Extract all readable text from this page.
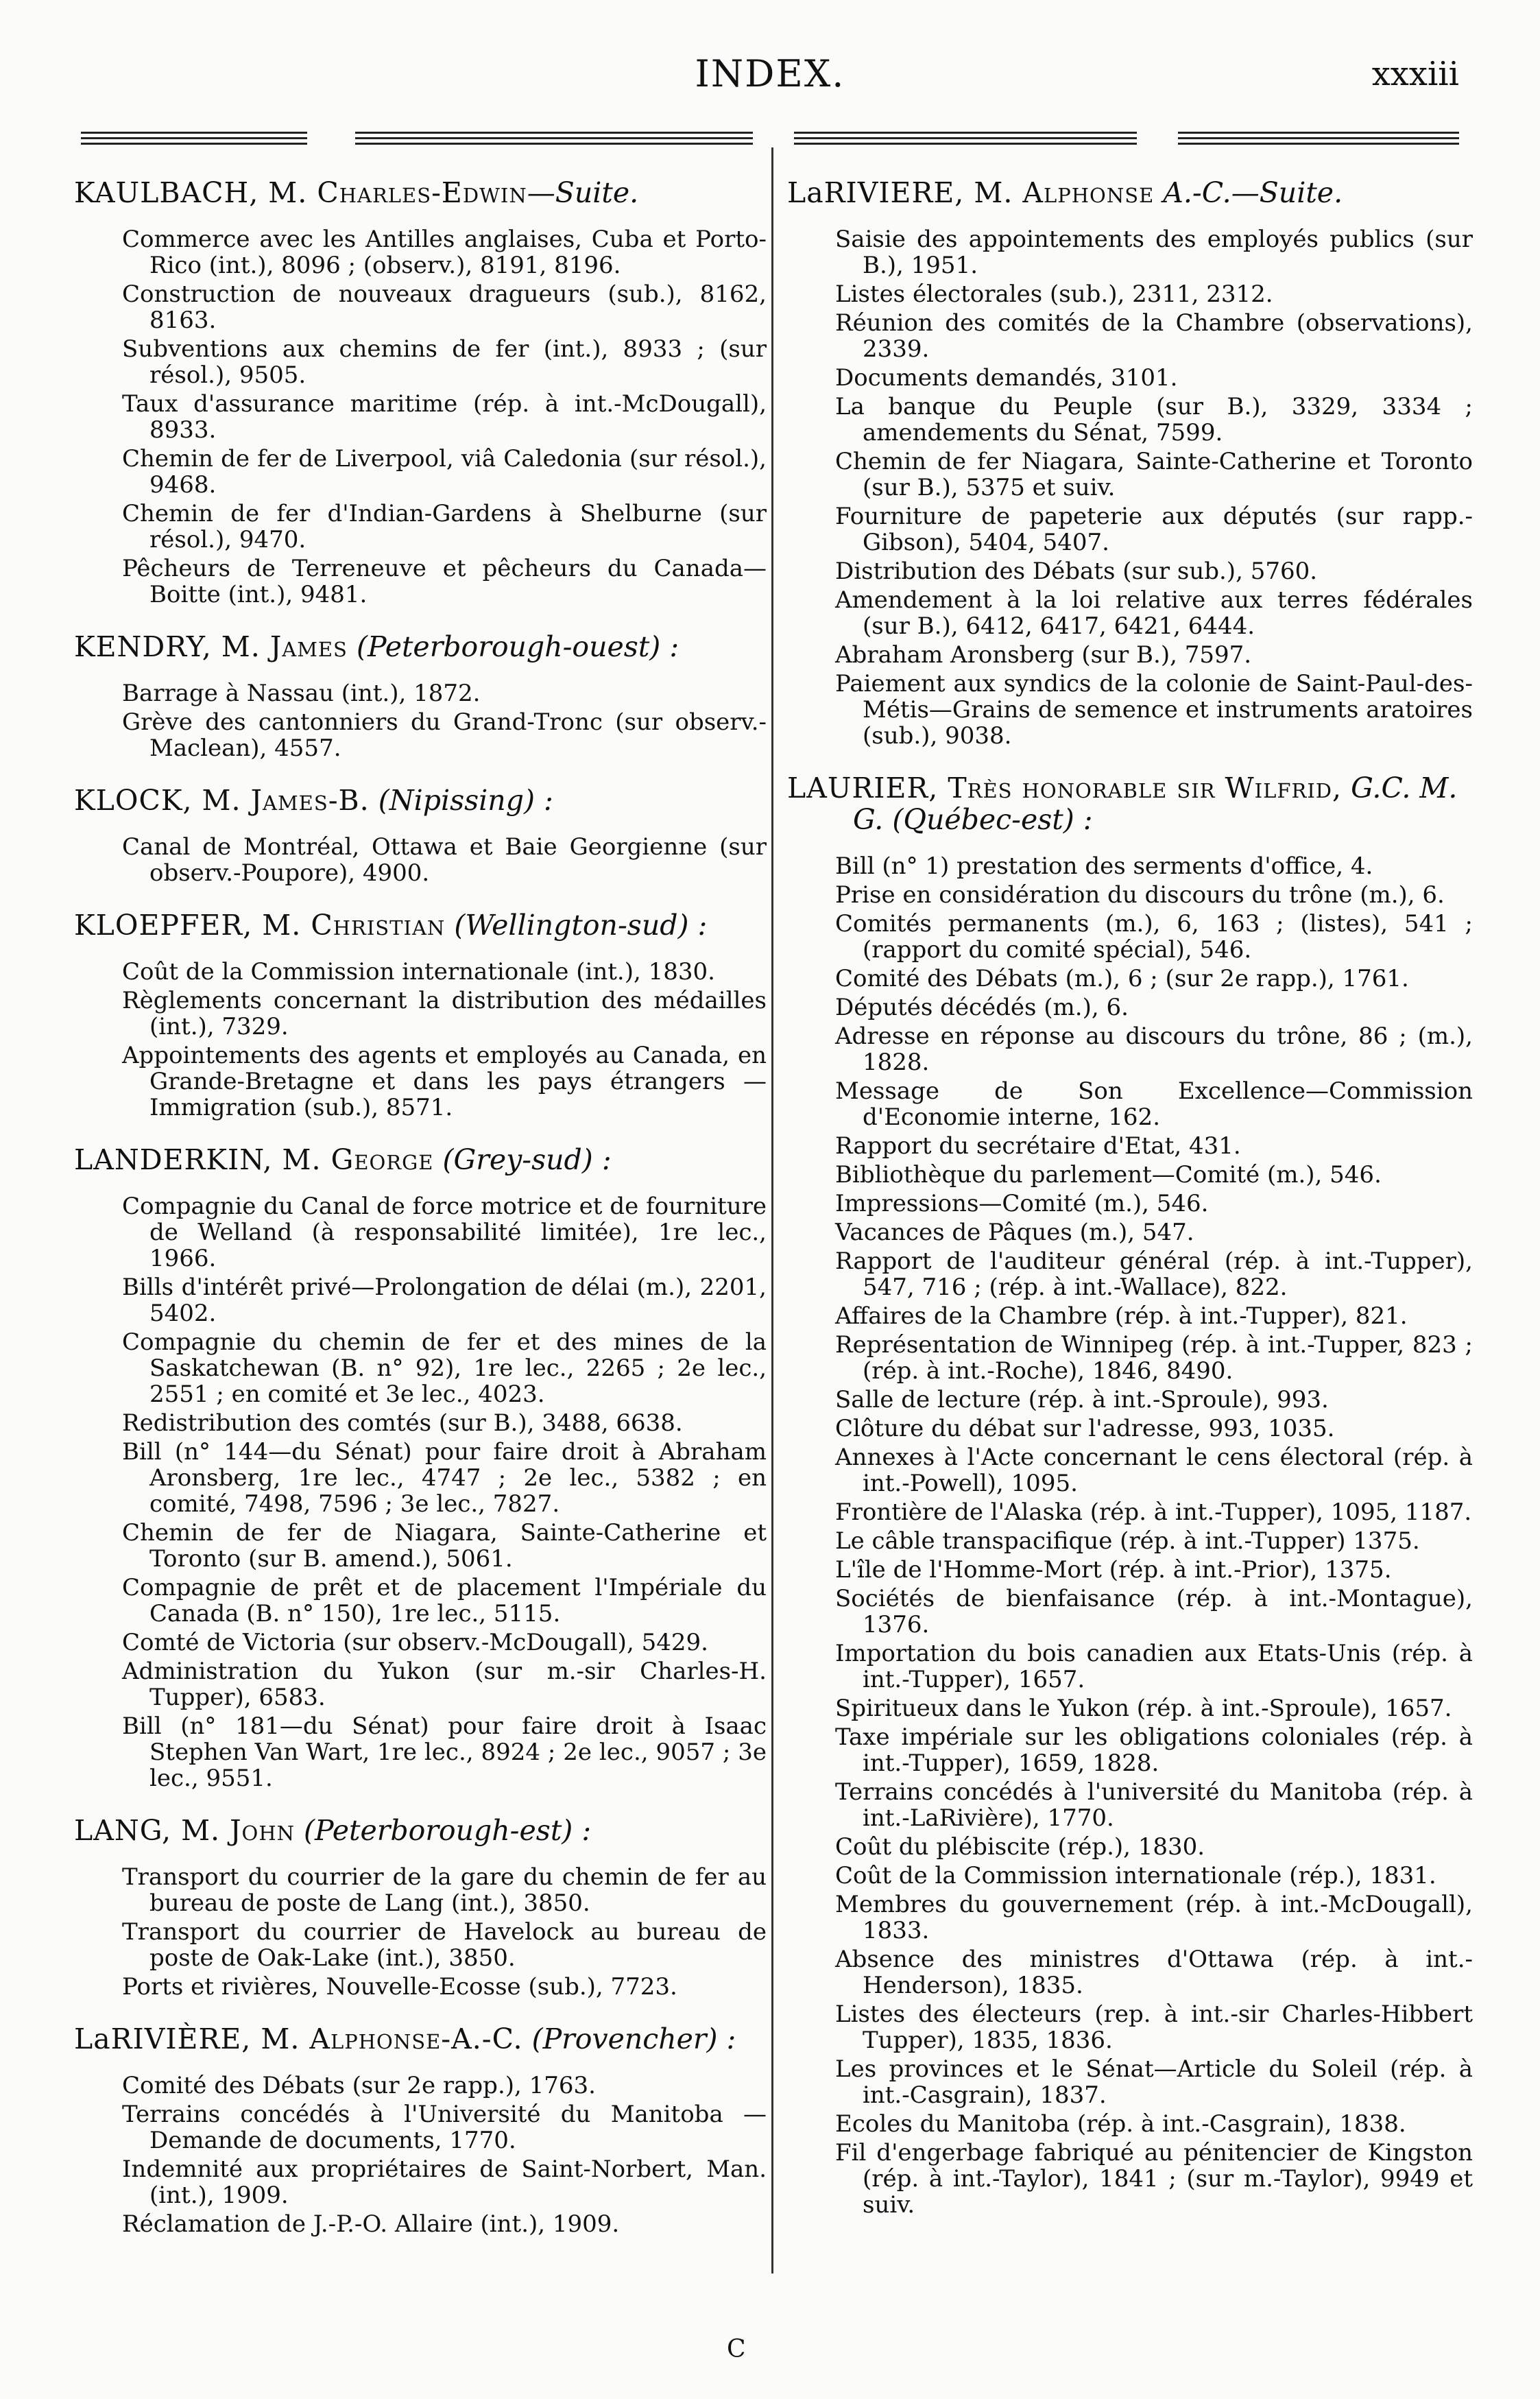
INDEX.	xxxiii
KAULBACH, M. Charles-Edwin—Suite.
Commerce avec les Antilles anglaises, Cuba et Porto-Rico (int.), 8096 ; (observ.), 8191, 8196.
Construction de nouveaux dragueurs (sub.), 8162, 8163.
Subventions aux chemins de fer (int.), 8933 ; (sur résol.), 9505.
Taux d'assurance maritime (rép. à int.-McDougall), 8933.
Chemin de fer de Liverpool, viâ Caledonia (sur résol.), 9468.
Chemin de fer d'Indian-Gardens à Shelburne (sur résol.), 9470.
Pêcheurs de Terreneuve et pêcheurs du Canada—Boitte (int.), 9481.
KENDRY, M. James (Peterborough-ouest) :
Barrage à Nassau (int.), 1872.
Grève des cantonniers du Grand-Tronc (sur observ.-Maclean), 4557.
KLOCK, M. James-B. (Nipissing) :
Canal de Montréal, Ottawa et Baie Georgienne (sur observ.-Poupore), 4900.
KLOEPFER, M. Christian (Wellington-sud) :
Coût de la Commission internationale (int.), 1830.
Règlements concernant la distribution des médailles (int.), 7329.
Appointements des agents et employés au Canada, en Grande-Bretagne et dans les pays étrangers —Immigration (sub.), 8571.
LANDERKIN, M. George (Grey-sud) :
Compagnie du Canal de force motrice et de fourniture de Welland (à responsabilité limitée), 1re lec., 1966.
Bills d'intérêt privé—Prolongation de délai (m.), 2201, 5402.
Compagnie du chemin de fer et des mines de la Saskatchewan (B. n° 92), 1re lec., 2265 ; 2e lec., 2551 ; en comité et 3e lec., 4023.
Redistribution des comtés (sur B.), 3488, 6638.
Bill (n° 144—du Sénat) pour faire droit à Abraham Aronsberg, 1re lec., 4747 ; 2e lec., 5382 ; en comité, 7498, 7596 ; 3e lec., 7827.
Chemin de fer de Niagara, Sainte-Catherine et Toronto (sur B. amend.), 5061.
Compagnie de prêt et de placement l'Impériale du Canada (B. n° 150), 1re lec., 5115.
Comté de Victoria (sur observ.-McDougall), 5429.
Administration du Yukon (sur m.-sir Charles-H. Tupper), 6583.
Bill (n° 181—du Sénat) pour faire droit à Isaac Stephen Van Wart, 1re lec., 8924 ; 2e lec., 9057 ; 3e lec., 9551.
LANG, M. John (Peterborough-est) :
Transport du courrier de la gare du chemin de fer au bureau de poste de Lang (int.), 3850.
Transport du courrier de Havelock au bureau de poste de Oak-Lake (int.), 3850.
Ports et rivières, Nouvelle-Ecosse (sub.), 7723.
LaRIVIÈRE, M. Alphonse-A.-C. (Provencher) :
Comité des Débats (sur 2e rapp.), 1763.
Terrains concédés à l'Université du Manitoba —Demande de documents, 1770.
Indemnité aux propriétaires de Saint-Norbert, Man. (int.), 1909.
Réclamation de J.-P.-O. Allaire (int.), 1909.
LaRIVIERE, M. Alphonse A.-C.—Suite.
Saisie des appointements des employés publics (sur B.), 1951.
Listes électorales (sub.), 2311, 2312.
Réunion des comités de la Chambre (observations), 2339.
Documents demandés, 3101.
La banque du Peuple (sur B.), 3329, 3334 ; amendements du Sénat, 7599.
Chemin de fer Niagara, Sainte-Catherine et Toronto (sur B.), 5375 et suiv.
Fourniture de papeterie aux députés (sur rapp.-Gibson), 5404, 5407.
Distribution des Débats (sur sub.), 5760.
Amendement à la loi relative aux terres fédérales (sur B.), 6412, 6417, 6421, 6444.
Abraham Aronsberg (sur B.), 7597.
Paiement aux syndics de la colonie de Saint-Paul-des-Métis—Grains de semence et instruments aratoires (sub.), 9038.
LAURIER, Très honorable sir Wilfrid, G.C. M. G. (Québec-est) :
Bill (n° 1) prestation des serments d'office, 4.
Prise en considération du discours du trône (m.), 6.
Comités permanents (m.), 6, 163 ; (listes), 541 ; (rapport du comité spécial), 546.
Comité des Débats (m.), 6 ; (sur 2e rapp.), 1761.
Députés décédés (m.), 6.
Adresse en réponse au discours du trône, 86 ; (m.), 1828.
Message de Son Excellence—Commission d'Economie interne, 162.
Rapport du secrétaire d'Etat, 431.
Bibliothèque du parlement—Comité (m.), 546.
Impressions—Comité (m.), 546.
Vacances de Pâques (m.), 547.
Rapport de l'auditeur général (rép. à int.-Tupper), 547, 716 ; (rép. à int.-Wallace), 822.
Affaires de la Chambre (rép. à int.-Tupper), 821.
Représentation de Winnipeg (rép. à int.-Tupper, 823 ; (rép. à int.-Roche), 1846, 8490.
Salle de lecture (rép. à int.-Sproule), 993.
Clôture du débat sur l'adresse, 993, 1035.
Annexes à l'Acte concernant le cens électoral (rép. à int.-Powell), 1095.
Frontière de l'Alaska (rép. à int.-Tupper), 1095, 1187.
Le câble transpacifique (rép. à int.-Tupper) 1375.
L'île de l'Homme-Mort (rép. à int.-Prior), 1375.
Sociétés de bienfaisance (rép. à int.-Montague), 1376.
Importation du bois canadien aux Etats-Unis (rép. à int.-Tupper), 1657.
Spiritueux dans le Yukon (rép. à int.-Sproule), 1657.
Taxe impériale sur les obligations coloniales (rép. à int.-Tupper), 1659, 1828.
Terrains concédés à l'université du Manitoba (rép. à int.-LaRivière), 1770.
Coût du plébiscite (rép.), 1830.
Coût de la Commission internationale (rép.), 1831.
Membres du gouvernement (rép. à int.-McDougall), 1833.
Absence des ministres d'Ottawa (rép. à int.-Henderson), 1835.
Listes des électeurs (rep. à int.-sir Charles-Hibbert Tupper), 1835, 1836.
Les provinces et le Sénat—Article du Soleil (rép. à int.-Casgrain), 1837.
Ecoles du Manitoba (rép. à int.-Casgrain), 1838.
Fil d'engerbage fabriqué au pénitencier de Kingston (rép. à int.-Taylor), 1841 ; (sur m.-Taylor), 9949 et suiv.
C
